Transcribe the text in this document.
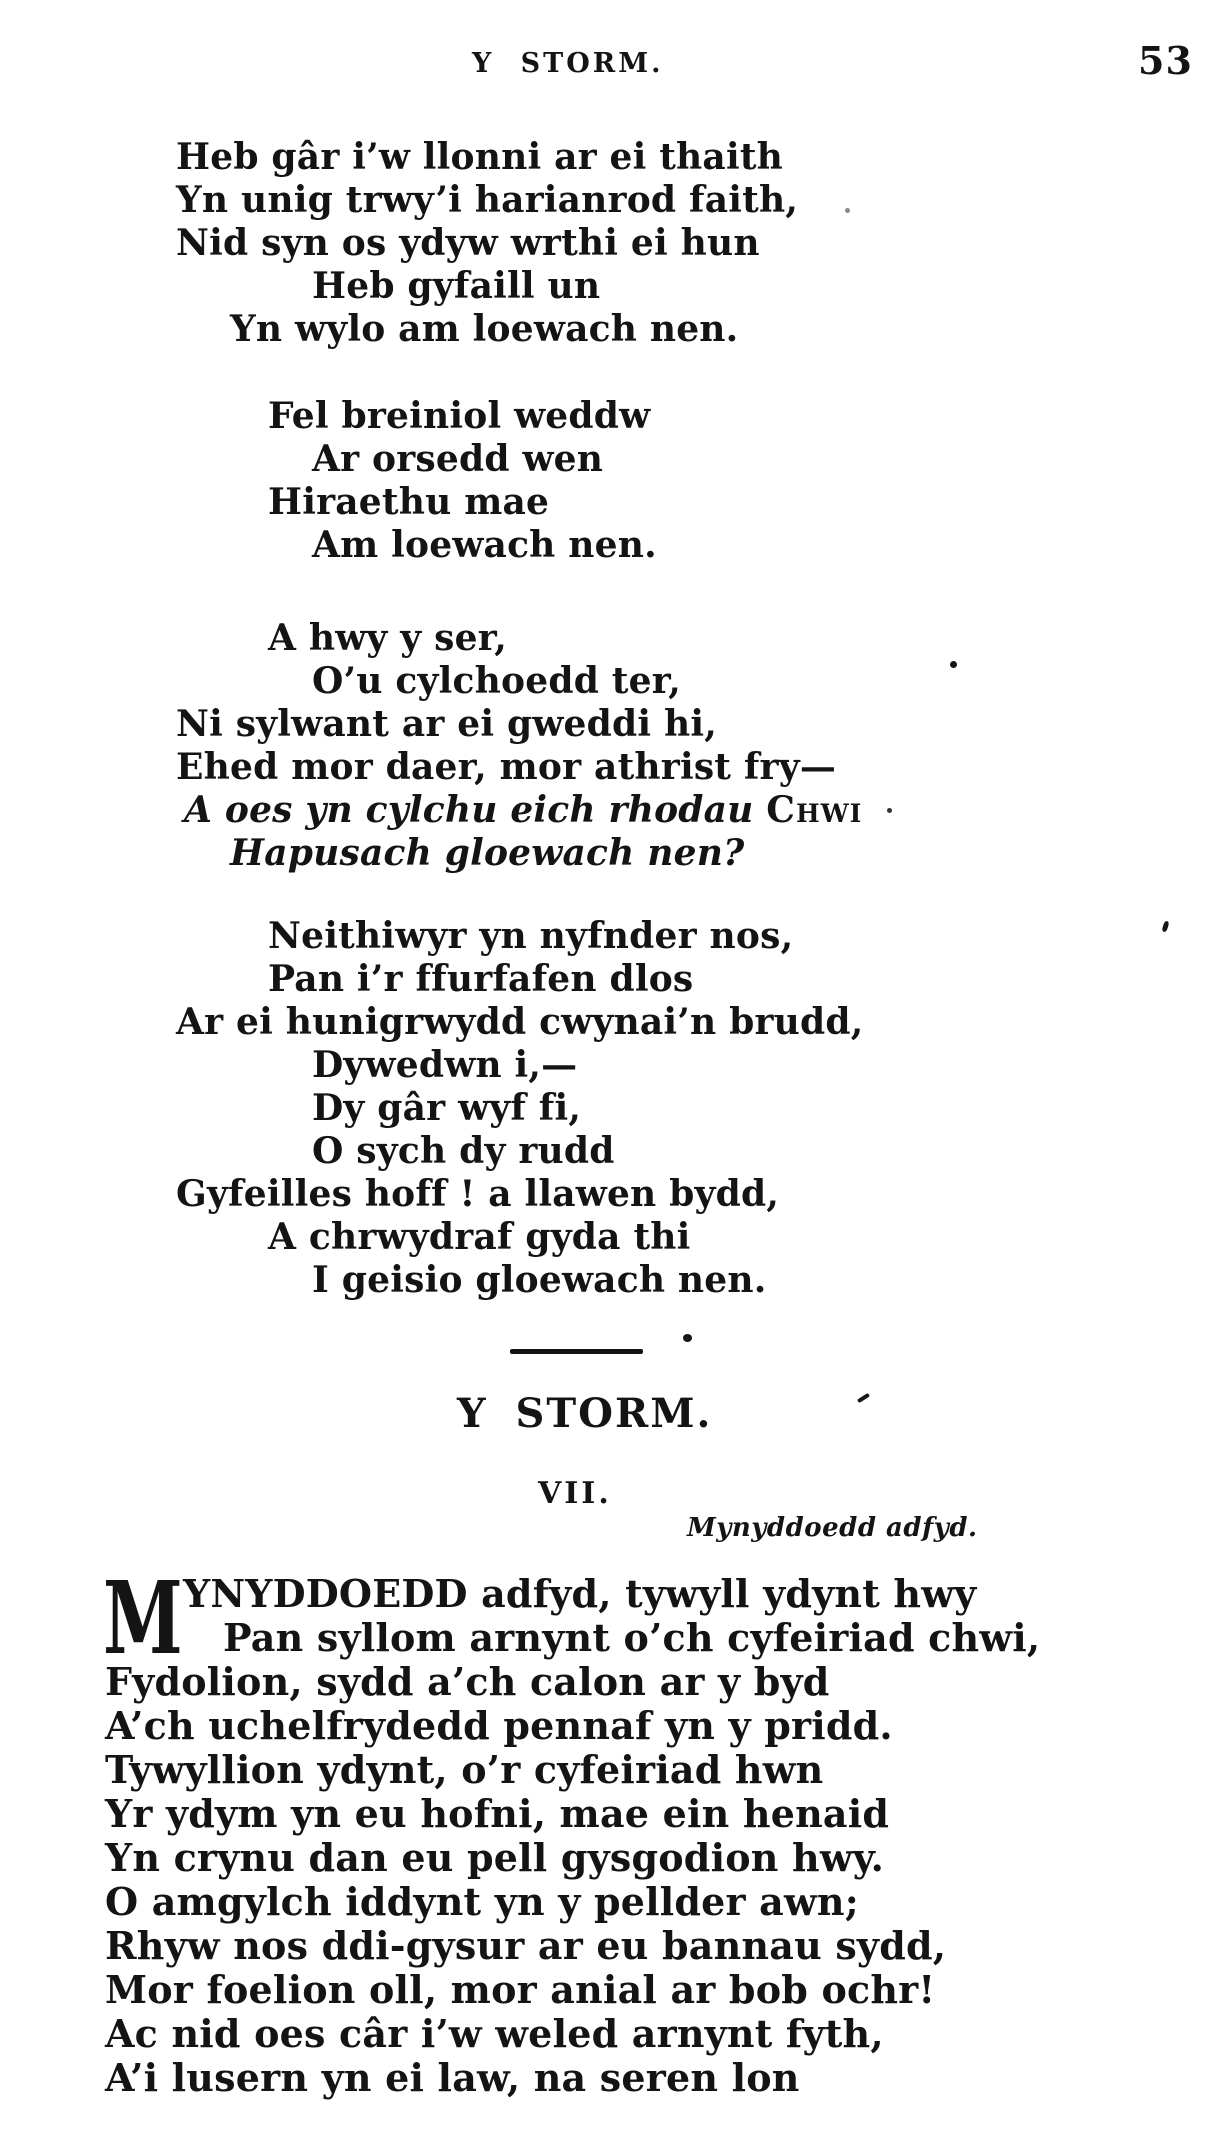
Y STORM.	53
Heb gâr i’w llonni ar ei thaith
Yn unig trwy’i harianrod faith,
Nid syn os ydyw wrthi ei hun
Heb gyfaill un
Yn wylo am loewach nen.
Fel breiniol weddw
Ar orsedd wen
Hiraethu mae
Am loewach nen.
A hwy y ser,
O’u cylchoedd ter,
Ni sylwant ar ei gweddi hi,
Ehed mor daer, mor athrist fry—
A oes yn cylchu eich rhodau Chwi
Hapusach gloewach nen?
Neithiwyr yn nyfnder nos,
Pan i’r ffurfafen dlos
Ar ei hunigrwydd cwynai’n brudd,
Dywedwn i,—
Dy gâr wyf fi,
O sych dy rudd
Gyfeilles hoff ! a llawen bydd,
A chrwydraf gyda thi
I geisio gloewach nen.
Y STORM.
VII.
Mynyddoedd adfyd.
M YNYDDOEDD adfyd, tywyll ydynt hwy
Pan syllom arnynt o’ch cyfeiriad chwi,
Fydolion, sydd a’ch calon ar y byd
A’ch uchelfrydedd pennaf yn y pridd.
Tywyllion ydynt, o’r cyfeiriad hwn
Yr ydym yn eu hofni, mae ein henaid
Yn crynu dan eu pell gysgodion hwy.
O amgylch iddynt yn y pellder awn;
Rhyw nos ddi-gysur ar eu bannau sydd,
Mor foelion oll, mor anial ar bob ochr!
Ac nid oes câr i’w weled arnynt fyth,
A’i lusern yn ei law, na seren lon
